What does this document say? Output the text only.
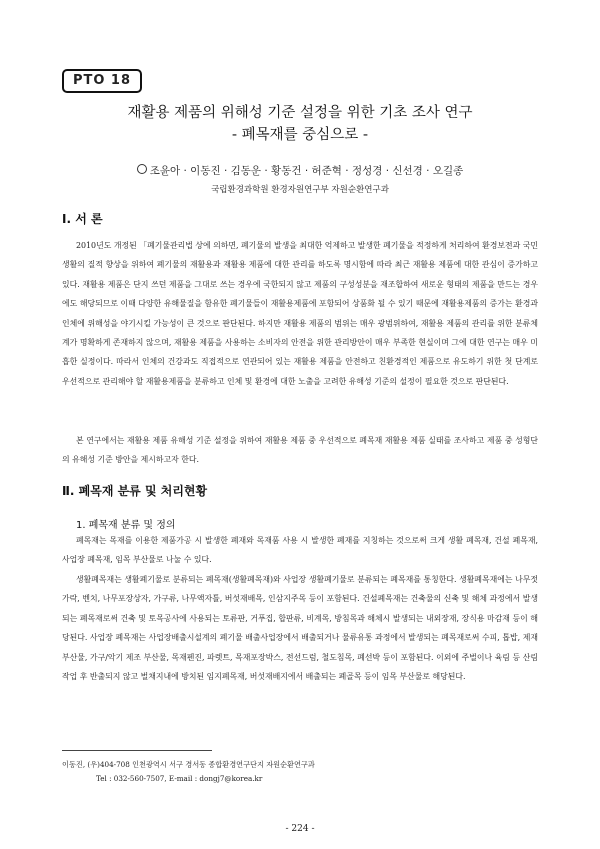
PTO 18
재활용 제품의 위해성 기준 설정을 위한 기초 조사 연구
- 폐목재를 중심으로 -
조윤아 · 이동진 · 김동운 · 황동건 · 허준혁 · 정성경 · 신선경 · 오길종
국립환경과학원 환경자원연구부 자원순환연구과
Ⅰ. 서 론

2010년도 개정된 「폐기물관리법 상에 의하면, 폐기물의 발생을 최대한 억제하고 발생한 폐기물을 적정하게 처리하여 환경보전과 국민생활의 질적 향상을 위하여 폐기물의 재활용과 재활용 제품에 대한 관리를 하도록 명시함에 따라 최근 재활용 제품에 대한 관심이 증가하고 있다. 재활용 제품은 단지 쓰던 제품을 그대로 쓰는 경우에 국한되지 않고 제품의 구성성분을 재조합하여 새로운 형태의 제품을 만드는 경우에도 해당되므로 이때 다양한 유해물질을 함유한 폐기물들이 재활용제품에 포함되어 상품화 될 수 있기 때문에 재활용제품의 증가는 환경과 인체에 위해성을 야기시킬 가능성이 큰 것으로 판단된다. 하지만 재활용 제품의 범위는 매우 광범위하여, 재활용 제품의 관리를 위한 분류체계가 명확하게 존재하지 않으며, 재활용 제품을 사용하는 소비자의 안전을 위한 관리방안이 매우 부족한 현실이며 그에 대한 연구는 매우 미흡한 실정이다. 따라서 인체의 건강과도 직접적으로 연관되어 있는 재활용 제품을 안전하고 친환경적인 제품으로 유도하기 위한 첫 단계로 우선적으로 관리해야 할 재활용제품을 분류하고 인체 및 환경에 대한 노출을 고려한 유해성 기준의 설정이 필요한 것으로 판단된다.

본 연구에서는 재활용 제품 유해성 기준 설정을 위하여 재활용 제품 중 우선적으로 폐목재 재활용 제품 실태를 조사하고 제품 중 성형단의 유해성 기준 방안을 제시하고자 한다.

Ⅱ. 폐목재 분류 및 처리현황
1. 폐목재 분류 및 정의

폐목재는 목재를 이용한 제품가공 시 발생한 폐재와 목재품 사용 시 발생한 폐재를 지칭하는 것으로써 크게 생활 폐목재, 건설 폐목재, 사업장 폐목재, 임목 부산물로 나눌 수 있다.

생활폐목재는 생활폐기물로 분류되는 폐목재(생활폐목재)와 사업장 생활폐기물로 분류되는 폐목재를 통칭한다. 생활폐목재에는 나무젓가락, 벤치, 나무포장상자, 가구류, 나무액자틀, 버섯재배목, 인삼지주목 등이 포함된다. 건설폐목재는 건축물의 신축 및 해체 과정에서 발생되는 폐목재로써 건축 및 토목공사에 사용되는 토류판, 거푸집, 합판류, 비계목, 방침목과 해체시 발생되는 내외장재, 장식용 마감재 등이 해당된다. 사업장 폐목재는 사업장배출시설계의 폐기물 배출사업장에서 배출되거나 물류유통 과정에서 발생되는 폐목재로써 수피, 톱밥, 제재부산물, 가구/악기 제조 부산물, 목재펜진, 파렛트, 목재포장박스, 전선드럼, 철도침목, 폐선박 등이 포함된다. 이외에 주벌이나 육림 등 산림작업 후 반출되지 않고 벌채지내에 방치된 임지폐목재, 버섯재배지에서 배출되는 폐골목 등이 임목 부산물로 해당된다.

이동진, (우)404-708 인천광역시 서구 경서동 종합환경연구단지 자원순환연구과
Tel : 032-560-7507, E-mail : dongj7@korea.kr
- 224 -
